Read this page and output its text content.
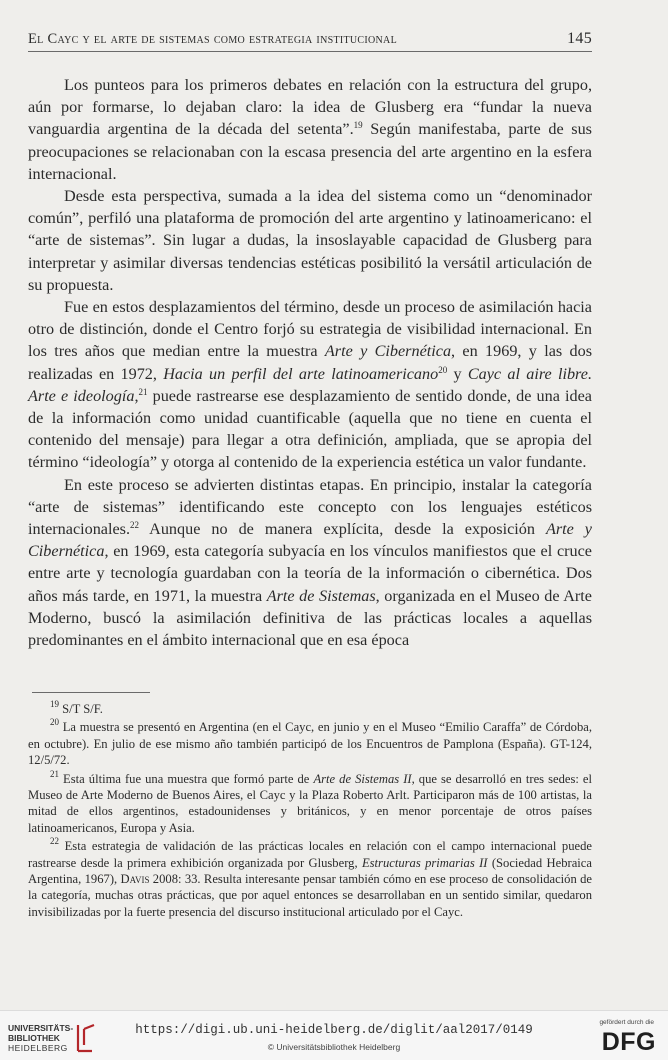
El Cayc y el arte de sistemas como estrategia institucional	145

Los punteos para los primeros debates en relación con la estructura del grupo, aún por formarse, lo dejaban claro: la idea de Glusberg era “fundar la nueva vanguardia argentina de la década del setenta”.$^{19}$ Según manifestaba, parte de sus preocupaciones se relacionaban con la escasa presencia del arte argentino en la esfera internacional.

Desde esta perspectiva, sumada a la idea del sistema como un “denominador común”, perfiló una plataforma de promoción del arte argentino y latinoamericano: el “arte de sistemas”. Sin lugar a dudas, la insoslayable capacidad de Glusberg para interpretar y asimilar diversas tendencias estéticas posibilitó la versátil articulación de su propuesta.

Fue en estos desplazamientos del término, desde un proceso de asimilación hacia otro de distinción, donde el Centro forjó su estrategia de visibilidad internacional. En los tres años que median entre la muestra Arte y Cibernética, en 1969, y las dos realizadas en 1972, Hacia un perfil del arte latinoamericano$^{20}$ y Cayc al aire libre. Arte e ideología,$^{21}$ puede rastrearse ese desplazamiento de sentido donde, de una idea de la información como unidad cuantificable (aquella que no tiene en cuenta el contenido del mensaje) para llegar a otra definición, ampliada, que se apropia del término “ideología” y otorga al contenido de la experiencia estética un valor fundante.

En este proceso se advierten distintas etapas. En principio, instalar la categoría “arte de sistemas” identificando este concepto con los lenguajes estéticos internacionales.$^{22}$ Aunque no de manera explícita, desde la exposición Arte y Cibernética, en 1969, esta categoría subyacía en los vínculos manifiestos que el cruce entre arte y tecnología guardaban con la teoría de la información o cibernética. Dos años más tarde, en 1971, la muestra Arte de Sistemas, organizada en el Museo de Arte Moderno, buscó la asimilación definitiva de las prácticas locales a aquellas predominantes en el ámbito internacional que en esa época

$^{19}$ S/T S/F.

$^{20}$ La muestra se presentó en Argentina (en el Cayc, en junio y en el Museo “Emilio Caraffa” de Córdoba, en octubre). En julio de ese mismo año también participó de los Encuentros de Pamplona (España). GT-124, 12/5/72.

$^{21}$ Esta última fue una muestra que formó parte de Arte de Sistemas II, que se desarrolló en tres sedes: el Museo de Arte Moderno de Buenos Aires, el Cayc y la Plaza Roberto Arlt. Participaron más de 100 artistas, la mitad de ellos argentinos, estadounidenses y británicos, y en menor porcentaje de otros países latinoamericanos, Europa y Asia.

$^{22}$ Esta estrategia de validación de las prácticas locales en relación con el campo internacional puede rastrearse desde la primera exhibición organizada por Glusberg, Estructuras primarias II (Sociedad Hebraica Argentina, 1967), Davis 2008: 33. Resulta interesante pensar también cómo en ese proceso de consolidación de la categoría, muchas otras prácticas, que por aquel entonces se desarrollaban en un sentido similar, quedaron invisibilizadas por la fuerte presencia del discurso institucional articulado por el Cayc.

UNIVERSITÄTS-
BIBLIOTHEK
HEIDELBERG
https://digi.ub.uni-heidelberg.de/diglit/aal2017/0149
© Universitätsbibliothek Heidelberg
gefördert durch die
DFG
